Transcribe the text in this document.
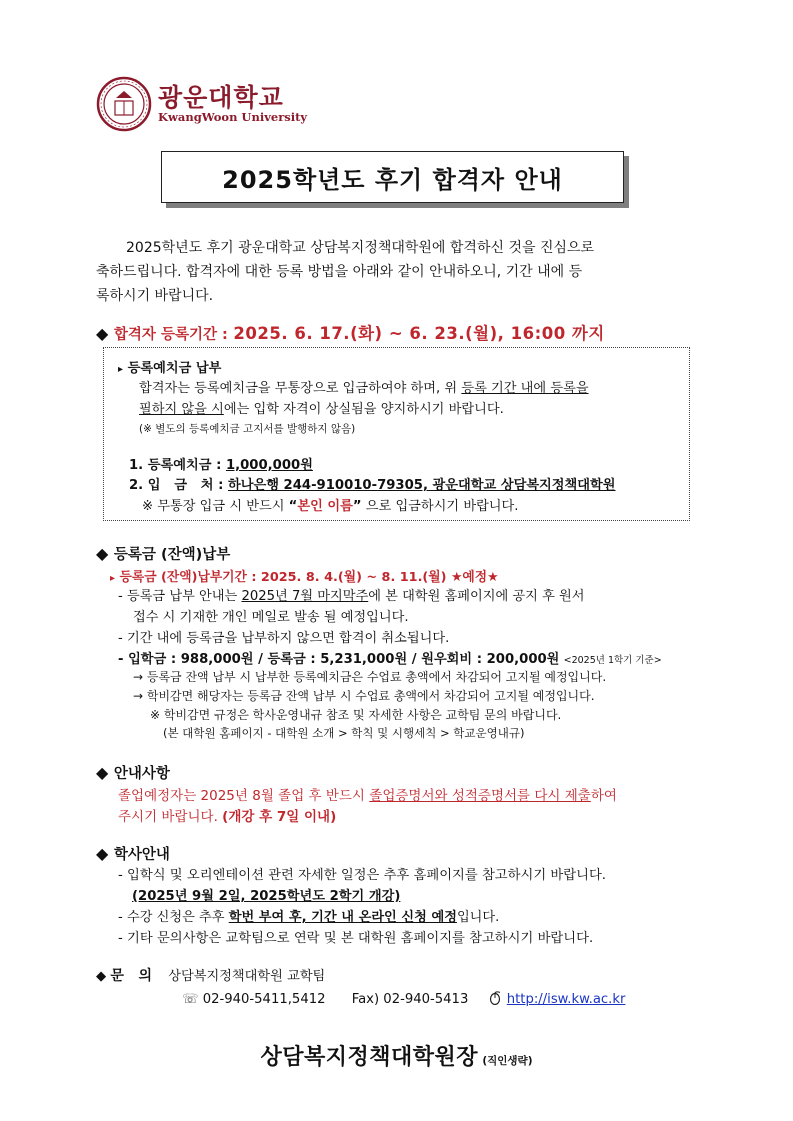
광운대학교
KwangWoon University
2025학년도 후기 합격자 안내
2025학년도 후기 광운대학교 상담복지정책대학원에 합격하신 것을 진심으로
축하드립니다. 합격자에 대한 등록 방법을 아래와 같이 안내하오니, 기간 내에 등
록하시기 바랍니다.
◆ 합격자 등록기간 : 2025. 6. 17.(화) ~ 6. 23.(월), 16:00 까지
▸ 등록예치금 납부
합격자는 등록예치금을 무통장으로 입금하여야 하며, 위 등록 기간 내에 등록을
필하지 않을 시에는 입학 자격이 상실됨을 양지하시기 바랍니다.
(※ 별도의 등록예치금 고지서를 발행하지 않음)
1. 등록예치금 : 1,000,000원
2. 입   금   처 : 하나은행 244-910010-79305, 광운대학교 상담복지정책대학원
※ 무통장 입금 시 반드시 “본인 이름” 으로 입금하시기 바랍니다.
◆ 등록금 (잔액)납부
▸ 등록금 (잔액)납부기간 : 2025. 8. 4.(월) ~ 8. 11.(월) ★예정★
- 등록금 납부 안내는 2025년 7월 마지막주에 본 대학원 홈페이지에 공지 후 원서
접수 시 기재한 개인 메일로 발송 될 예정입니다.
- 기간 내에 등록금을 납부하지 않으면 합격이 취소됩니다.
- 입학금 : 988,000원 / 등록금 : 5,231,000원 / 원우회비 : 200,000원 <2025년 1학기 기준>
→ 등록금 잔액 납부 시 납부한 등록예치금은 수업료 총액에서 차감되어 고지될 예정입니다.
→ 학비감면 해당자는 등록금 잔액 납부 시 수업료 총액에서 차감되어 고지될 예정입니다.
※ 학비감면 규정은 학사운영내규 참조 및 자세한 사항은 교학팀 문의 바랍니다.
(본 대학원 홈페이지 - 대학원 소개 > 학칙 및 시행세칙 > 학교운영내규)
◆ 안내사항
졸업예정자는 2025년 8월 졸업 후 반드시 졸업증명서와 성적증명서를 다시 제출하여
주시기 바랍니다. (개강 후 7일 이내)
◆ 학사안내
- 입학식 및 오리엔테이션 관련 자세한 일정은 추후 홈페이지를 참고하시기 바랍니다.
(2025년 9월 2일, 2025학년도 2학기 개강)
- 수강 신청은 추후 학번 부여 후, 기간 내 온라인 신청 예정입니다.
- 기타 문의사항은 교학팀으로 연락 및 본 대학원 홈페이지를 참고하시기 바랍니다.
◆ 문   의 상담복지정책대학원 교학팀
☏ 02-940-5411,5412 Fax) 02-940-5413	http://isw.kw.ac.kr
상담복지정책대학원장 (직인생략)
